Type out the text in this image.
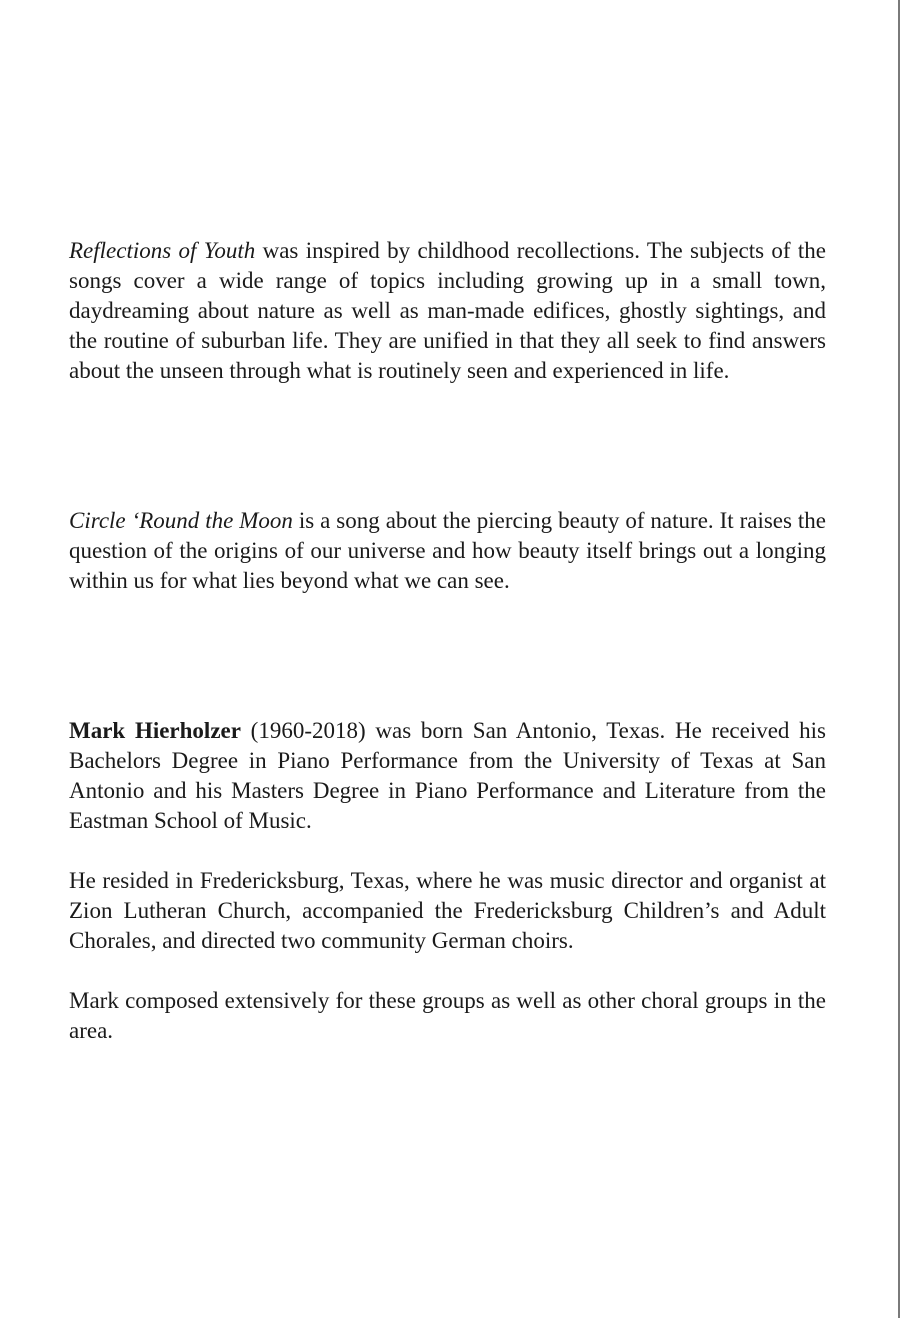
Reflections of Youth was inspired by childhood recollections. The subjects of the songs cover a wide range of topics including growing up in a small town, daydreaming about nature as well as man-made edifices, ghostly sightings, and the routine of suburban life. They are unified in that they all seek to find answers about the unseen through what is routinely seen and experienced in life.

Circle ‘Round the Moon is a song about the piercing beauty of nature. It raises the question of the origins of our universe and how beauty itself brings out a longing within us for what lies beyond what we can see.

Mark Hierholzer (1960-2018) was born San Antonio, Texas. He received his Bachelors Degree in Piano Performance from the University of Texas at San Antonio and his Masters Degree in Piano Performance and Literature from the Eastman School of Music.

He resided in Fredericksburg, Texas, where he was music director and organist at Zion Lutheran Church, accompanied the Fredericksburg Children’s and Adult Chorales, and directed two community German choirs.

Mark composed extensively for these groups as well as other choral groups in the area.
